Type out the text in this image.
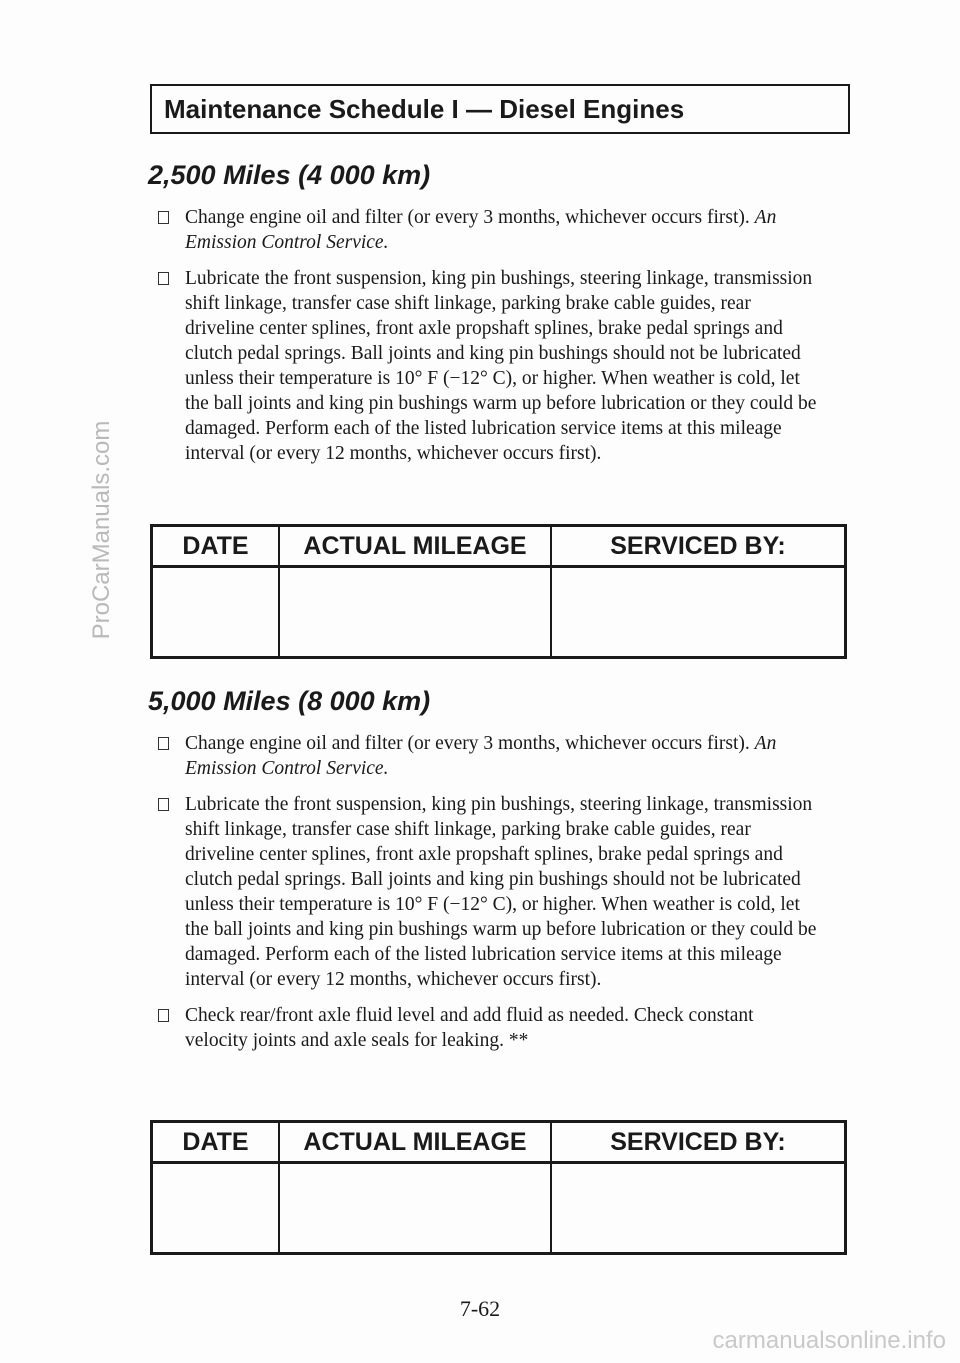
ProCarManuals.com
Maintenance Schedule I — Diesel Engines
2,500 Miles (4 000 km)
Change engine oil and filter (or every 3 months, whichever occurs first). An Emission Control Service.
Lubricate the front suspension, king pin bushings, steering linkage, transmission shift linkage, transfer case shift linkage, parking brake cable guides, rear driveline center splines, front axle propshaft splines, brake pedal springs and clutch pedal springs. Ball joints and king pin bushings should not be lubricated unless their temperature is 10° F (−12° C), or higher. When weather is cold, let the ball joints and king pin bushings warm up before lubrication or they could be damaged. Perform each of the listed lubrication service items at this mileage interval (or every 12 months, whichever occurs first).
DATE	ACTUAL MILEAGE	SERVICED BY:

5,000 Miles (8 000 km)
Change engine oil and filter (or every 3 months, whichever occurs first). An Emission Control Service.
Lubricate the front suspension, king pin bushings, steering linkage, transmission shift linkage, transfer case shift linkage, parking brake cable guides, rear driveline center splines, front axle propshaft splines, brake pedal springs and clutch pedal springs. Ball joints and king pin bushings should not be lubricated unless their temperature is 10° F (−12° C), or higher. When weather is cold, let the ball joints and king pin bushings warm up before lubrication or they could be damaged. Perform each of the listed lubrication service items at this mileage interval (or every 12 months, whichever occurs first).
Check rear/front axle fluid level and add fluid as needed. Check constant velocity joints and axle seals for leaking. **
DATE	ACTUAL MILEAGE	SERVICED BY:

7-62
carmanualsonline.info
